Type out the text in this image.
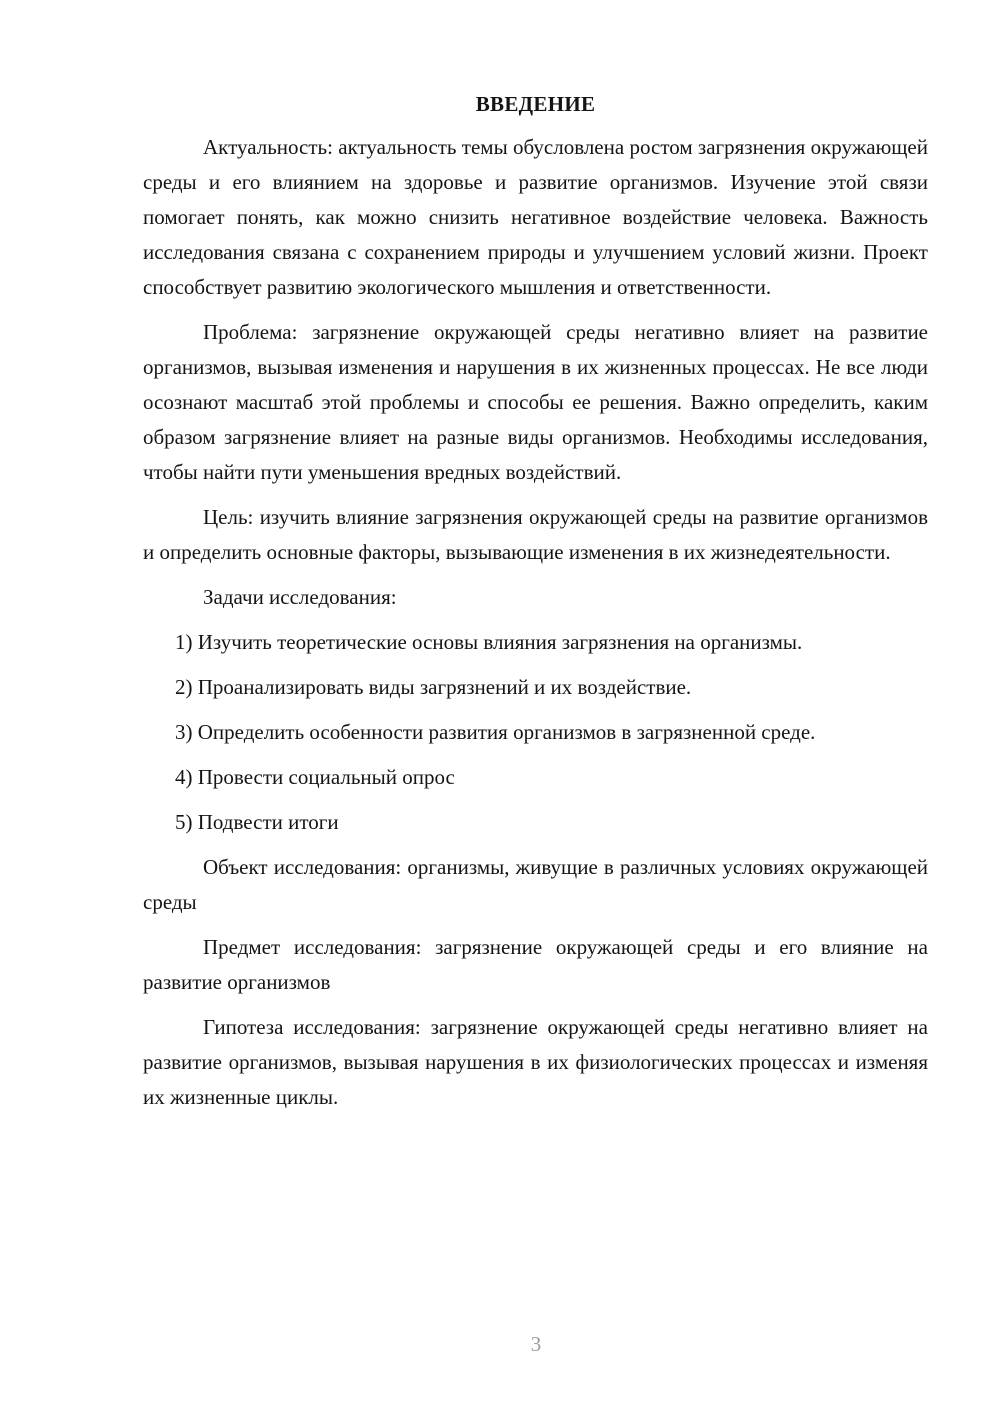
ВВЕДЕНИЕ

Актуальность: актуальность темы обусловлена ростом загрязнения окружающей среды и его влиянием на здоровье и развитие организмов. Изучение этой связи помогает понять, как можно снизить негативное воздействие человека. Важность исследования связана с сохранением природы и улучшением условий жизни. Проект способствует развитию экологического мышления и ответственности.

Проблема: загрязнение окружающей среды негативно влияет на развитие организмов, вызывая изменения и нарушения в их жизненных процессах. Не все люди осознают масштаб этой проблемы и способы ее решения. Важно определить, каким образом загрязнение влияет на разные виды организмов. Необходимы исследования, чтобы найти пути уменьшения вредных воздействий.

Цель: изучить влияние загрязнения окружающей среды на развитие организмов и определить основные факторы, вызывающие изменения в их жизнедеятельности.

Задачи исследования:

1) Изучить теоретические основы влияния загрязнения на организмы.

2) Проанализировать виды загрязнений и их воздействие.

3) Определить особенности развития организмов в загрязненной среде.

4) Провести социальный опрос

5) Подвести итоги

Объект исследования: организмы, живущие в различных условиях окружающей среды

Предмет исследования: загрязнение окружающей среды и его влияние на развитие организмов

Гипотеза исследования: загрязнение окружающей среды негативно влияет на развитие организмов, вызывая нарушения в их физиологических процессах и изменяя их жизненные циклы.

3
